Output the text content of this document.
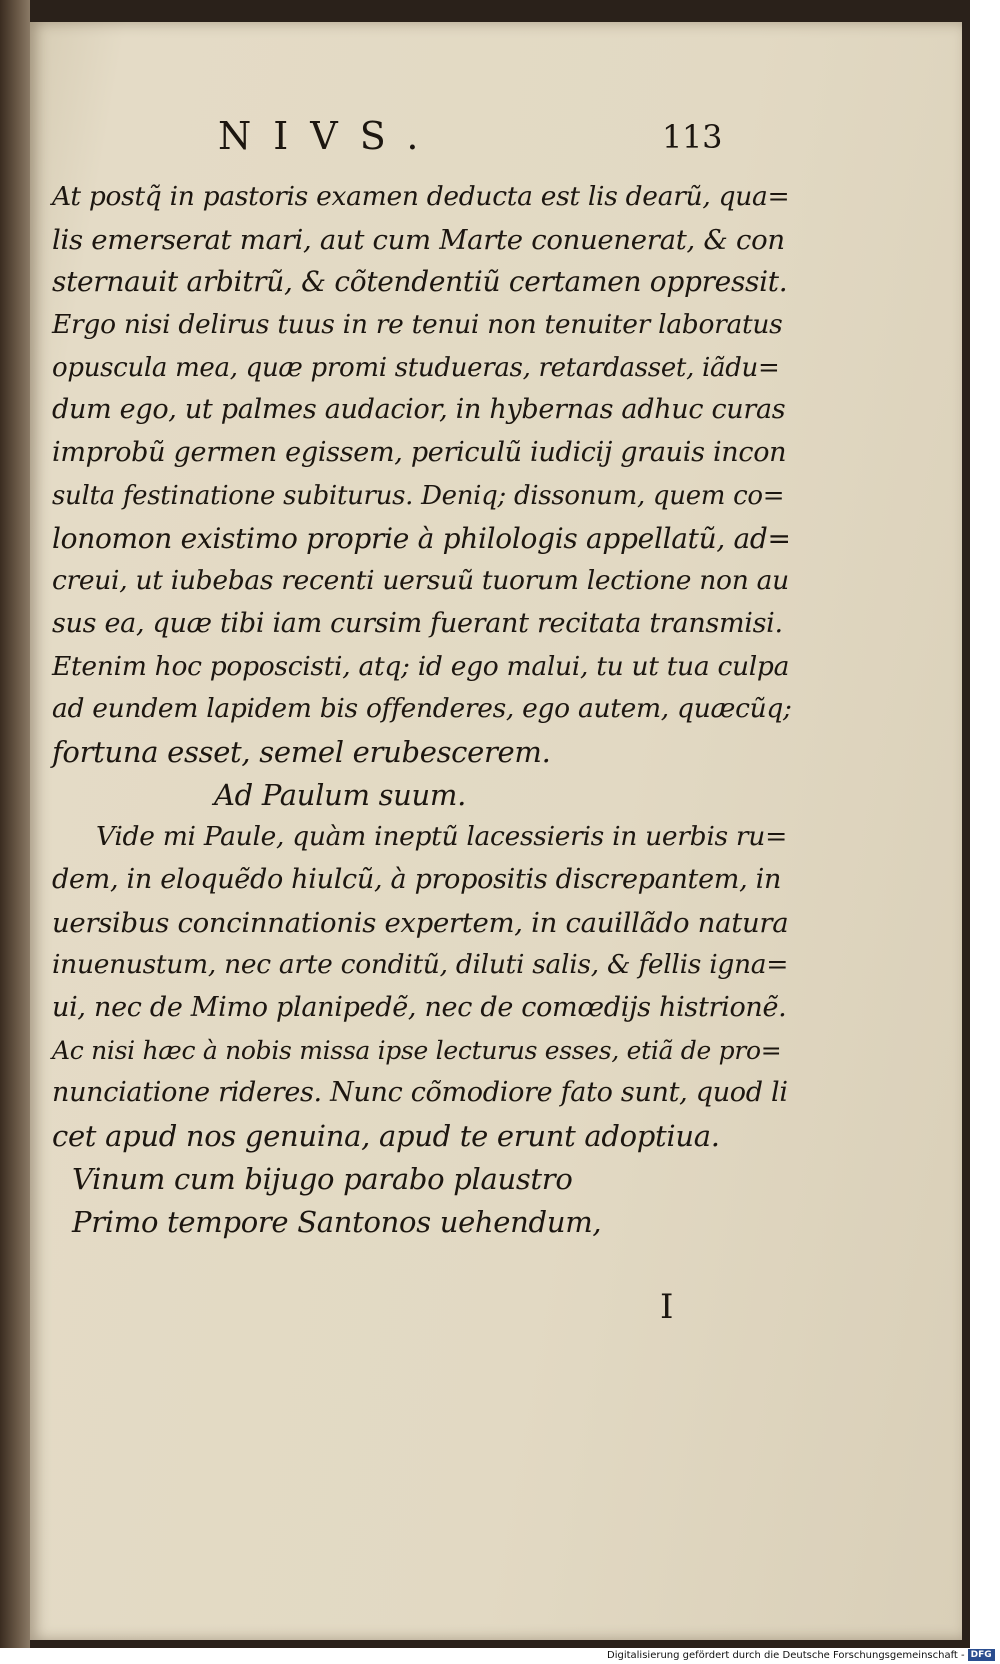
NIVS.	113
At postq̃ in pastoris examen deducta est lis dearũ, qua=
lis emerserat mari, aut cum Marte conuenerat, & con
sternauit arbitrũ, & cõtendentiũ certamen oppressit.
Ergo nisi delirus tuus in re tenui non tenuiter laboratus
opuscula mea, quæ promi studueras, retardasset, iãdu=
dum ego, ut palmes audacior, in hybernas adhuc curas
improbũ germen egissem, periculũ iudicij grauis incon
sulta festinatione subiturus. Deniq; dissonum, quem co=
lonomon existimo proprie à philologis appellatũ, ad=
creui, ut iubebas recenti uersuũ tuorum lectione non au
sus ea, quæ tibi iam cursim fuerant recitata transmisi.
Etenim hoc poposcisti, atq; id ego malui, tu ut tua culpa
ad eundem lapidem bis offenderes, ego autem, quæcũq;
fortuna esset, semel erubescerem.
Ad Paulum suum.
Vide mi Paule, quàm ineptũ lacessieris in uerbis ru=
dem, in eloquẽdo hiulcũ, à propositis discrepantem, in
uersibus concinnationis expertem, in cauillãdo natura
inuenustum, nec arte conditũ, diluti salis, & fellis igna=
ui, nec de Mimo planipedẽ, nec de comœdijs histrionẽ.
Ac nisi hæc à nobis missa ipse lecturus esses, etiã de pro=
nunciatione rideres. Nunc cõmodiore fato sunt, quod li
cet apud nos genuina, apud te erunt adoptiua.
Vinum cum bijugo parabo plaustro
Primo tempore Santonos uehendum,
I
Digitalisierung gefördert durch die Deutsche Forschungsgemeinschaft - DFG
